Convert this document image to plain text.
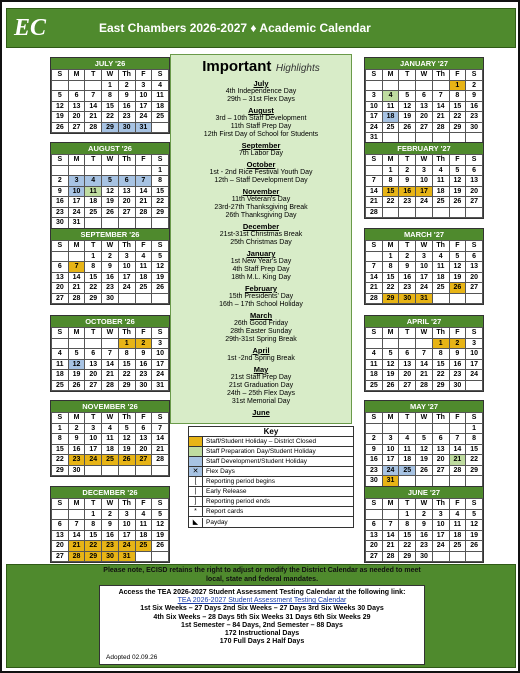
EC	East Chambers 2026-2027 ♦ Academic Calendar
JULY '26
S	M	T	W	Th	F	S
			1	2	3	4
5	6	7	8	9	10	11
12	13	14	15	16	17	18
19	20	21	22	23	24	25
26	27	28	29	30	31	
AUGUST '26
S	M	T	W	Th	F	S
						1
2	3	4	5	6	7	8
9	10	11	12	13	14	15
16	17	18	19	20	21	22
23	24	25	26	27	28	29
30	31					
SEPTEMBER '26
S	M	T	W	Th	F	S
		1	2	3	4	5
6	7	8	9	10	11	12
13	14	15	16	17	18	19
20	21	22	23	24	25	26
27	28	29	30			
OCTOBER '26
S	M	T	W	Th	F	S
				1	2	3
4	5	6	7	8	9	10
11	12	13	14	15	16	17
18	19	20	21	22	23	24
25	26	27	28	29	30	31
NOVEMBER '26
S	M	T	W	Th	F	S
1	2	3	4	5	6	7
8	9	10	11	12	13	14
15	16	17	18	19	20	21
22	23	24	25	26	27	28
29	30					
DECEMBER '26
S	M	T	W	Th	F	S
		1	2	3	4	5
6	7	8	9	10	11	12
13	14	15	16	17	18	19
20	21	22	23	24	25	26
27	28	29	30	31		
JANUARY '27
S	M	T	W	Th	F	S
					1	2
3	4	5	6	7	8	9
10	11	12	13	14	15	16
17	18	19	20	21	22	23
24	25	26	27	28	29	30
31						
FEBRUARY '27
S	M	T	W	Th	F	S
	1	2	3	4	5	6
7	8	9	10	11	12	13
14	15	16	17	18	19	20
21	22	23	24	25	26	27
28						
MARCH '27
S	M	T	W	Th	F	S
	1	2	3	4	5	6
7	8	9	10	11	12	13
14	15	16	17	18	19	20
21	22	23	24	25	26	27
28	29	30	31			
APRIL '27
S	M	T	W	Th	F	S
				1	2	3
4	5	6	7	8	9	10
11	12	13	14	15	16	17
18	19	20	21	22	23	24
25	26	27	28	29	30	
MAY '27
S	M	T	W	Th	F	S
						1
2	3	4	5	6	7	8
9	10	11	12	13	14	15
16	17	18	19	20	21	22
23	24	25	26	27	28	29
30	31					
JUNE '27
S	M	T	W	Th	F	S
		1	2	3	4	5
6	7	8	9	10	11	12
13	14	15	16	17	18	19
20	21	22	23	24	25	26
27	28	29	30			
Important Highlights
July
4th Independence Day
29th – 31st Flex Days
August
3rd – 10th Staff Development
11th Staff Prep Day
12th First Day of School for Students
September
7th Labor Day
October
1st - 2nd Rice Festival Youth Day
12th – Staff Development Day
November
11th Veteran's Day
23rd-27th Thanksgiving Break
26th Thanksgiving Day
December
21st-31st Christmas Break
25th Christmas Day
January
1st New Year's Day
4th Staff Prep Day
18th M.L. King Day
February
15th Presidents' Day
16th – 17th School Holiday
March
26th Good Friday
28th Easter Sunday
29th-31st Spring Break
April
1st -2nd Spring Break
May
21st Staff Prep Day
21st Graduation Day
24th – 25th Flex Days
31st Memorial Day
June
Key
Staff/Student Holiday – District Closed
Staff Preparation Day/Student Holiday
Staff Development/Student Holiday
✕	Flex Days
[	Reporting period begins
|	Early Release
]	Reporting period ends
*	Report cards
◣	Payday
Please note, ECISD retains the right to adjust or modify the District Calendar as needed to meet local, state and federal mandates.
Access the TEA 2026-2027 Student Assessment Testing Calendar at the following link:
TEA 2026-2027 Student Assessment Testing Calendar
1st Six Weeks – 27 Days 2nd Six Weeks – 27 Days 3rd Six Weeks 30 Days
4th Six Weeks – 28 Days 5th Six Weeks 31 Days 6th Six Weeks 29
1st Semester – 84 Days, 2nd Semester – 88 Days
172 Instructional Days
170 Full Days 2 Half Days
Adopted 02.09.26
